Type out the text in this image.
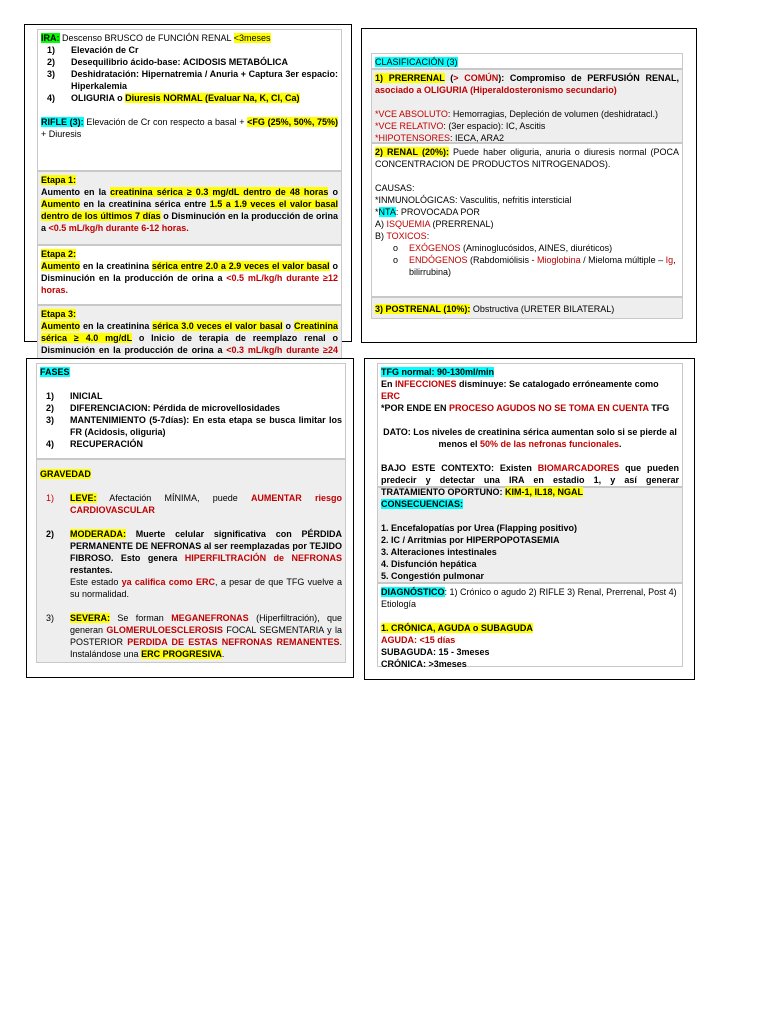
IRA: Descenso BRUSCO de FUNCIÓN RENAL <3meses

1) Elevación de Cr
2) Desequilibrio ácido-base: ACIDOSIS METABÓLICA
3) Deshidratación: Hipernatremia / Anuria + Captura 3er espacio: Hiperkalemia
4) OLIGURIA o Diuresis NORMAL (Evaluar Na, K, Cl, Ca)

RIFLE (3): Elevación de Cr con respecto a basal + <FG (25%, 50%, 75%) + Diuresis

Etapa 1:

Aumento en la creatinina sérica ≥ 0.3 mg/dL dentro de 48 horas o Aumento en la creatinina sérica entre 1.5 a 1.9 veces el valor basal dentro de los últimos 7 días o Disminución en la producción de orina a <0.5 mL/kg/h durante 6-12 horas.

Etapa 2:

Aumento en la creatinina sérica entre 2.0 a 2.9 veces el valor basal o Disminución en la producción de orina a <0.5 mL/kg/h durante ≥12 horas.

Etapa 3:

Aumento en la creatinina sérica 3.0 veces el valor basal o Creatinina sérica ≥ 4.0 mg/dL o Inicio de terapia de reemplazo renal o Disminución en la producción de orina a <0.3 mL/kg/h durante ≥24

CLASIFICACIÓN (3)

1) PRERRENAL (> COMÚN): Compromiso de PERFUSIÓN RENAL, asociado a OLIGURIA (Hiperaldosteronismo secundario)

*VCE ABSOLUTO: Hemorragias, Depleción de volumen (deshidratacl.)

*VCE RELATIVO: (3er espacio): IC, Ascitis

*HIPOTENSORES: IECA, ARA2

2) RENAL (20%): Puede haber oliguria, anuria o diuresis normal (POCA CONCENTRACION DE PRODUCTOS NITROGENADOS).

CAUSAS:

*INMUNOLÓGICAS: Vasculitis, nefritis intersticial

*NTA: PROVOCADA POR

A) ISQUEMIA (PRERRENAL)

B) TOXICOS:

o EXÓGENOS (Aminoglucósidos, AINES, diuréticos)
o ENDÓGENOS (Rabdomiólisis - Mioglobina / Mieloma múltiple – Ig, bilirrubina)
3) POSTRENAL (10%): Obstructiva (URETER BILATERAL)

FASES

1) INICIAL
2) DIFERENCIACION: Pérdida de microvellosidades
3) MANTENIMIENTO (5-7días): En esta etapa se busca limitar los FR (Acidosis, oliguria)
4) RECUPERACIÓN

GRAVEDAD

1) LEVE: Afectación MÍNIMA, puede AUMENTAR riesgo CARDIOVASCULAR
2) MODERADA: Muerte celular significativa con PÉRDIDA PERMANENTE DE NEFRONAS al ser reemplazadas por TEJIDO FIBROSO. Esto genera HIPERFILTRACIÓN de NEFRONAS restantes.
Este estado ya califica como ERC, a pesar de que TFG vuelve a su normalidad.
3) SEVERA: Se forman MEGANEFRONAS (Hiperfiltración), que generan GLOMERULOESCLEROSIS FOCAL SEGMENTARIA y la POSTERIOR PERDIDA DE ESTAS NEFRONAS REMANENTES. Instalándose una ERC PROGRESIVA.

TFG normal: 90-130ml/min

En INFECCIONES disminuye: Se catalogado erróneamente como ERC

*POR ENDE EN PROCESO AGUDOS NO SE TOMA EN CUENTA TFG

DATO: Los niveles de creatinina sérica aumentan solo si se pierde al menos el 50% de las nefronas funcionales.

BAJO ESTE CONTEXTO: Existen BIOMARCADORES que pueden predecir y detectar una IRA en estadio 1, y así generar TRATAMIENTO OPORTUNO: KIM-1, IL18, NGAL

CONSECUENCIAS:

1. Encefalopatías por Urea (Flapping positivo)

2. IC / Arritmias por HIPERPOPOTASEMIA

3. Alteraciones intestinales

4. Disfunción hepática

5. Congestión pulmonar

DIAGNÓSTICO: 1) Crónico o agudo 2) RIFLE 3) Renal, Prerrenal, Post 4) Etiología

1. CRÓNICA, AGUDA o SUBAGUDA

AGUDA: <15 días

SUBAGUDA: 15 - 3meses

CRÓNICA: >3meses
